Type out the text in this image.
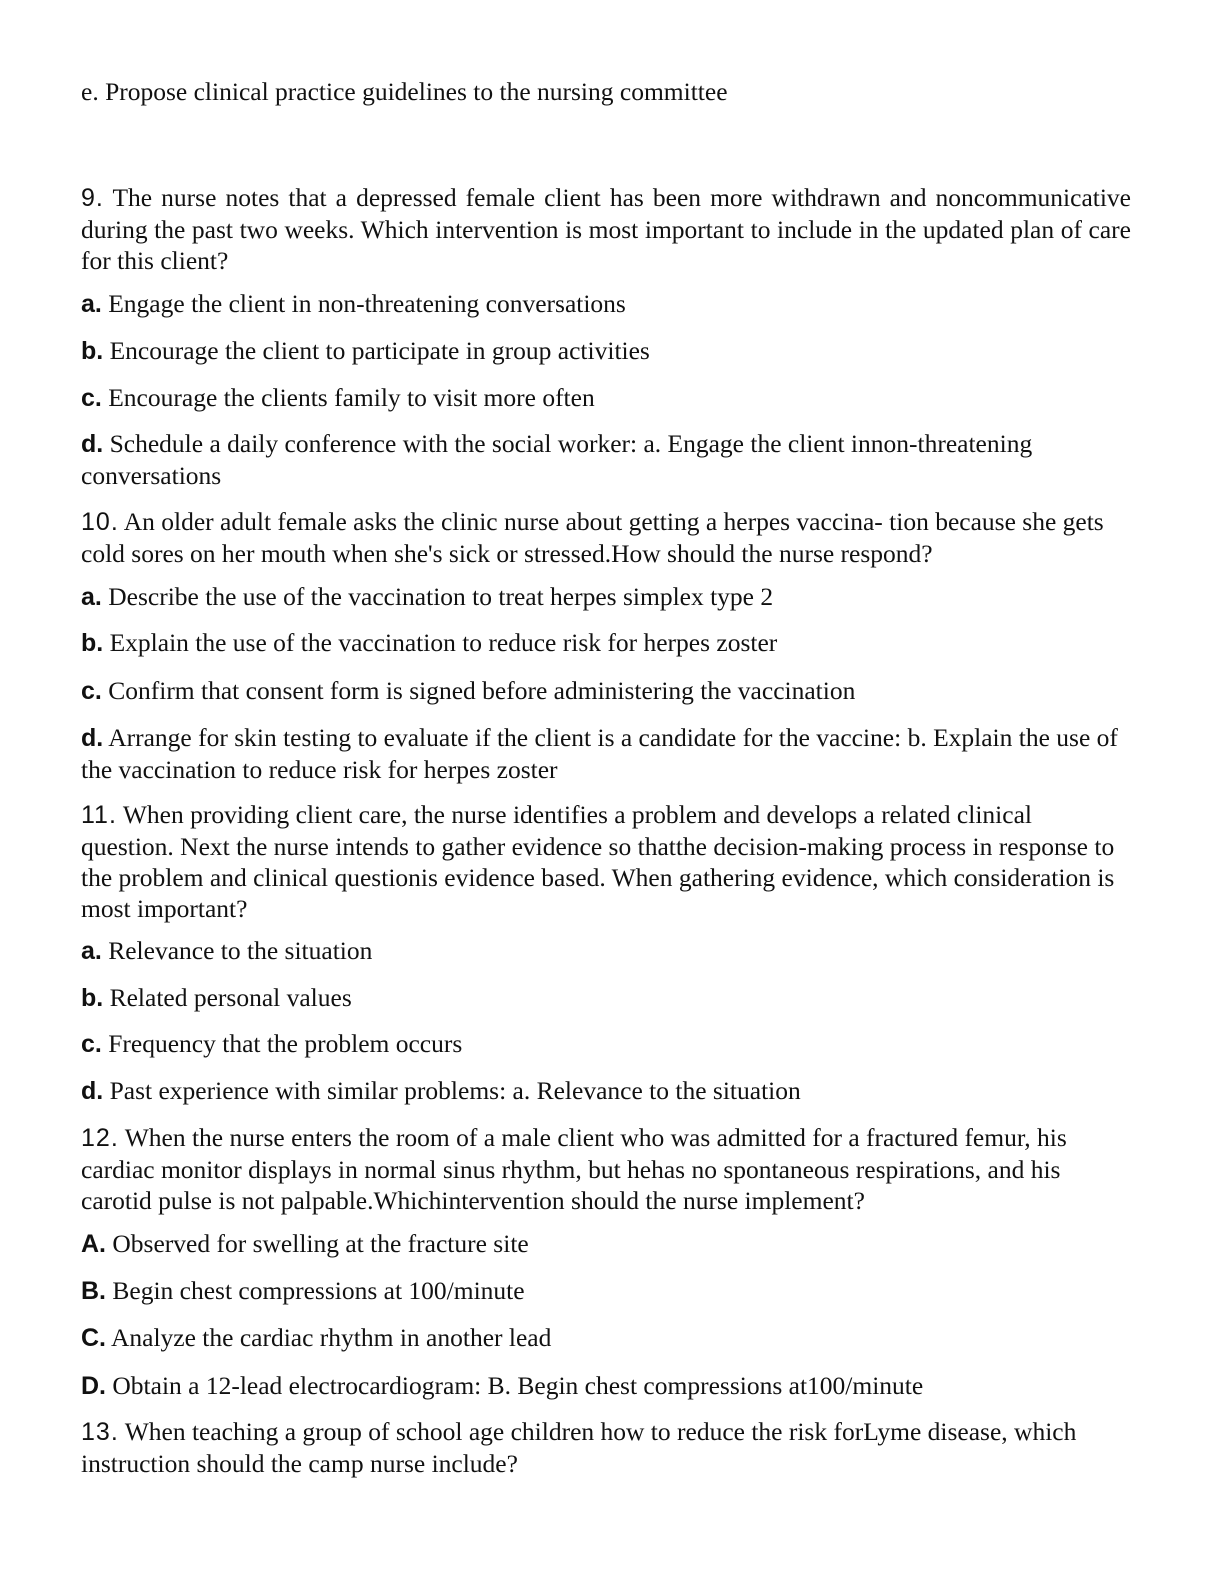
e. Propose clinical practice guidelines to the nursing committee
9. The nurse notes that a depressed female client has been more withdrawn and noncommunicative during the past two weeks. Which intervention is most important to include in the updated plan of care for this client?
a. Engage the client in non-threatening conversations
b. Encourage the client to participate in group activities
c. Encourage the clients family to visit more often
d. Schedule a daily conference with the social worker: a. Engage the client innon-threatening conversations
10. An older adult female asks the clinic nurse about getting a herpes vaccina- tion because she gets cold sores on her mouth when she's sick or stressed.How should the nurse respond?
a. Describe the use of the vaccination to treat herpes simplex type 2
b. Explain the use of the vaccination to reduce risk for herpes zoster
c. Confirm that consent form is signed before administering the vaccination
d. Arrange for skin testing to evaluate if the client is a candidate for the vaccine: b. Explain the use of the vaccination to reduce risk for herpes zoster
11. When providing client care, the nurse identifies a problem and develops a related clinical question. Next the nurse intends to gather evidence so thatthe decision-making process in response to the problem and clinical questionis evidence based. When gathering evidence, which consideration is most important?
a. Relevance to the situation
b. Related personal values
c. Frequency that the problem occurs
d. Past experience with similar problems: a. Relevance to the situation
12. When the nurse enters the room of a male client who was admitted for a fractured femur, his cardiac monitor displays in normal sinus rhythm, but hehas no spontaneous respirations, and his carotid pulse is not palpable.Whichintervention should the nurse implement?
A. Observed for swelling at the fracture site
B. Begin chest compressions at 100/minute
C. Analyze the cardiac rhythm in another lead
D. Obtain a 12-lead electrocardiogram: B. Begin chest compressions at100/minute
13. When teaching a group of school age children how to reduce the risk forLyme disease, which instruction should the camp nurse include?
